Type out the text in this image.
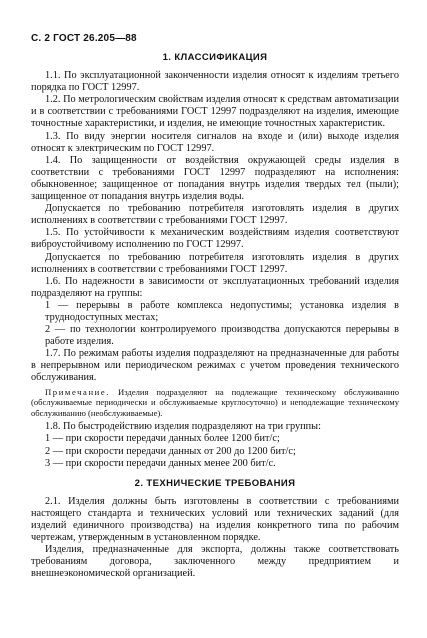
С. 2 ГОСТ 26.205—88
1. КЛАССИФИКАЦИЯ

1.1. По эксплуатационной законченности изделия относят к изделиям третьего порядка по ГОСТ 12997.

1.2. По метрологическим свойствам изделия относят к средствам автоматизации и в соответствии с требованиями ГОСТ 12997 подразделяют на изделия, имеющие точностные характеристики, и изделия, не имеющие точностных характеристик.

1.3. По виду энергии носителя сигналов на входе и (или) выходе изделия относят к электрическим по ГОСТ 12997.

1.4. По защищенности от воздействия окружающей среды изделия в соответствии с требованиями ГОСТ 12997 подразделяют на исполнения: обыкновенное; защищенное от попадания внутрь изделия твердых тел (пыли); защищенное от попадания внутрь изделия воды.

Допускается по требованию потребителя изготовлять изделия в других исполнениях в соответствии с требованиями ГОСТ 12997.

1.5. По устойчивости к механическим воздействиям изделия соответствуют виброустойчивому исполнению по ГОСТ 12997.

Допускается по требованию потребителя изготовлять изделия в других исполнениях в соответствии с требованиями ГОСТ 12997.

1.6. По надежности в зависимости от эксплуатационных требований изделия подразделяют на группы:

1 — перерывы в работе комплекса недопустимы; установка изделия в труднодоступных местах;

2 — по технологии контролируемого производства допускаются перерывы в работе изделия.

1.7. По режимам работы изделия подразделяют на предназначенные для работы в непрерывном или периодическом режимах с учетом проведения технического обслуживания.

Примечание. Изделия подразделяют на подлежащие техническому обслуживанию (обслуживаемые периодически и обслуживаемые круглосуточно) и неподлежащие техническому обслуживанию (необслуживаемые).

1.8. По быстродействию изделия подразделяют на три группы:

1 — при скорости передачи данных более 1200 бит/с;

2 — при скорости передачи данных от 200 до 1200 бит/с;

3 — при скорости передачи данных менее 200 бит/с.

2. ТЕХНИЧЕСКИЕ ТРЕБОВАНИЯ

2.1. Изделия должны быть изготовлены в соответствии с требованиями настоящего стандарта и технических условий или технических заданий (для изделий единичного производства) на изделия конкретного типа по рабочим чертежам, утвержденным в установленном порядке.

Изделия, предназначенные для экспорта, должны также соответствовать требованиям договора, заключенного между предприятием и внешнеэкономической организацией.
